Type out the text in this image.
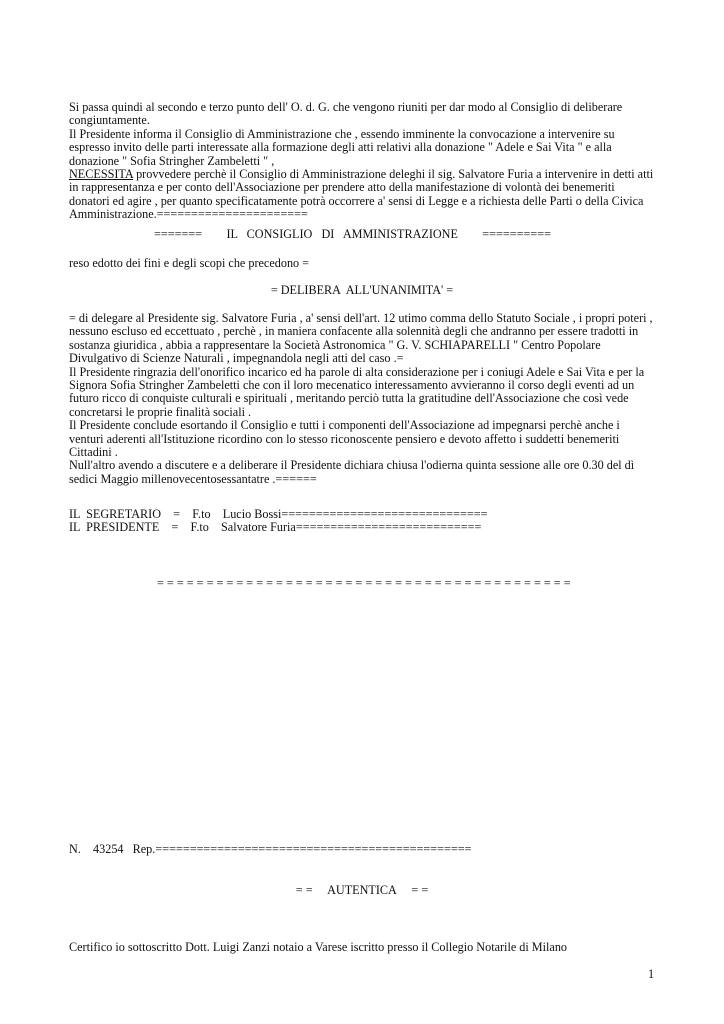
Si passa quindi al secondo e terzo punto dell' O. d. G. che vengono riuniti per dar modo al Consiglio di deliberare
congiuntamente.
Il Presidente informa il Consiglio di Amministrazione che , essendo imminente la convocazione a intervenire su
espresso invito delle parti interessate alla formazione degli atti relativi alla donazione " Adele e Sai Vita " e alla
donazione " Sofia Stringher Zambeletti " ,
NECESSITA provvedere perchè il Consiglio di Amministrazione deleghi il sig. Salvatore Furia a intervenire in detti atti
in rappresentanza e per conto dell'Associazione per prendere atto della manifestazione di volontà dei benemeriti
donatori ed agire , per quanto specificatamente potrà occorrere a' sensi di Legge e a richiesta delle Parti o della Civica
Amministrazione.======================
=======        IL   CONSIGLIO   DI   AMMINISTRAZIONE        ==========
reso edotto dei fini e degli scopi che precedono =
= DELIBERA  ALL'UNANIMITA' =
= di delegare al Presidente sig. Salvatore Furia , a' sensi dell'art. 12 utimo comma dello Statuto Sociale , i propri poteri ,
nessuno escluso ed eccettuato , perchè , in maniera confacente alla solennità degli che andranno per essere tradotti in
sostanza giuridica , abbia a rappresentare la Società Astronomica " G. V. SCHIAPARELLI " Centro Popolare
Divulgativo di Scienze Naturali , impegnandola negli atti del caso .=
Il Presidente ringrazia dell'onorifico incarico ed ha parole di alta considerazione per i coniugi Adele e Sai Vita e per la
Signora Sofia Stringher Zambeletti che con il loro mecenatico interessamento avvieranno il corso degli eventi ad un
futuro ricco di conquiste culturali e spirituali , meritando perciò tutta la gratitudine dell'Associazione che così vede
concretarsi le proprie finalità sociali .
Il Presidente conclude esortando il Consiglio e tutti i componenti dell'Associazione ad impegnarsi perchè anche i
venturi aderenti all'Istituzione ricordino con lo stesso riconoscente pensiero e devoto affetto i suddetti benemeriti
Cittadini .
Null'altro avendo a discutere e a deliberare il Presidente dichiara chiusa l'odierna quinta sessione alle ore 0.30 del dì
sedici Maggio millenovecentosessantatre .======
IL  SEGRETARIO    =    F.to    Lucio Bossi==============================
IL  PRESIDENTE    =    F.to    Salvatore Furia===========================
= = = = = = = = = = = = = = = = = = = = = = = = = = = = = = = = = = = = = = = = = =
N.    43254   Rep.==============================================
= =     AUTENTICA     = =
Certifico io sottoscritto Dott. Luigi Zanzi notaio a Varese iscritto presso il Collegio Notarile di Milano
1
